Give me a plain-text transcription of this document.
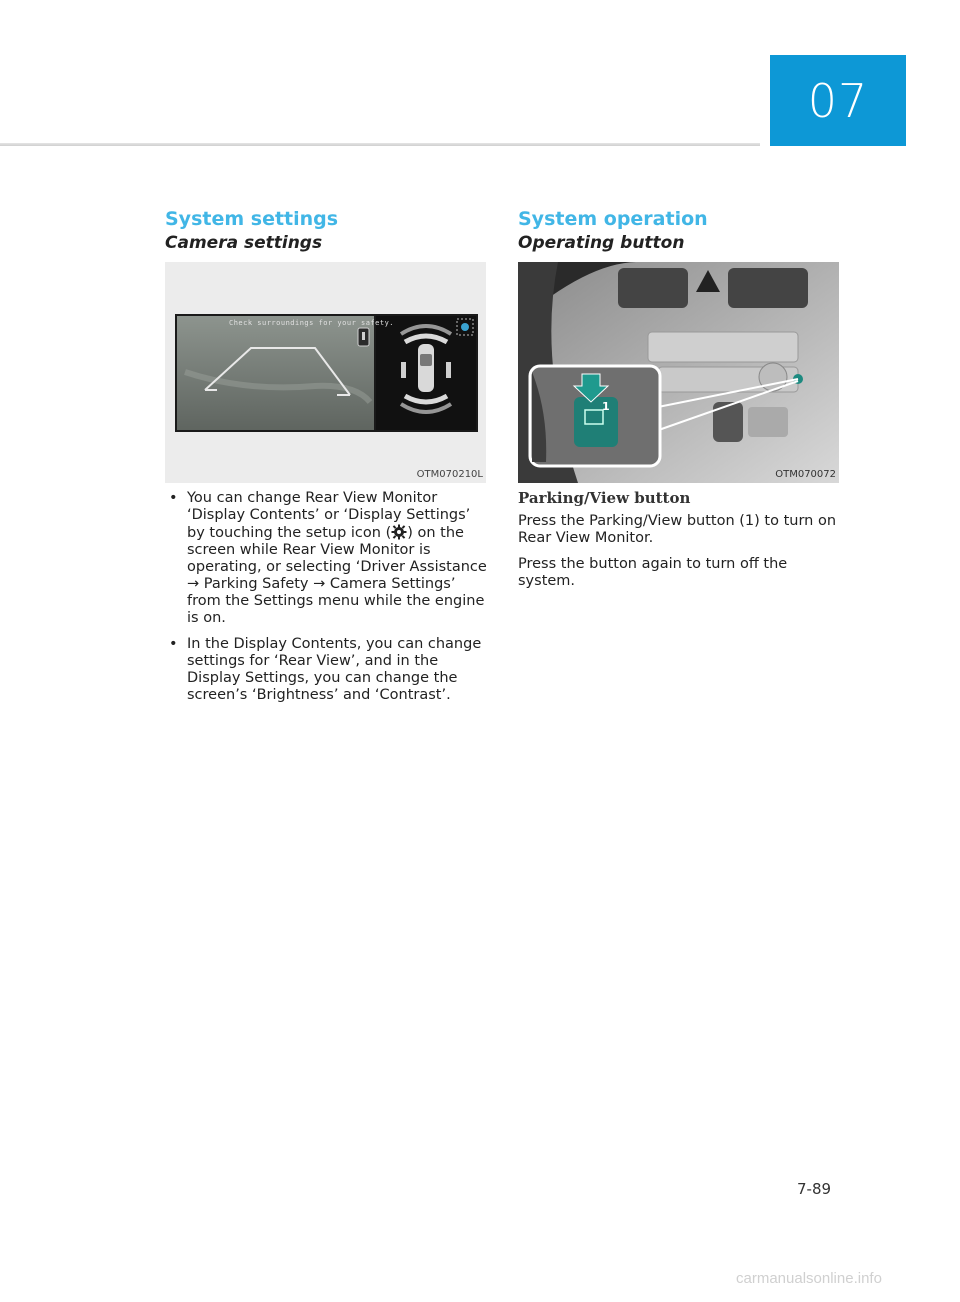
07
System settings
Camera settings
Check surroundings for your safety.
OTM070210L
• You can change Rear View Monitor ‘Display Contents’ or ‘Display Settings’ by touching the setup icon ( ) on the screen while Rear View Monitor is operating, or selecting ‘Driver Assistance → Parking Safety → Camera Settings’ from the Settings menu while the engine is on.
• In the Display Contents, you can change settings for ‘Rear View’, and in the Display Settings, you can change the screen’s ‘Brightness’ and ‘Contrast’.
System operation
Operating button
1
OTM070072
Parking/View button

Press the Parking/View button (1) to turn on Rear View Monitor.

Press the button again to turn off the system.

7-89
carmanualsonline.info
